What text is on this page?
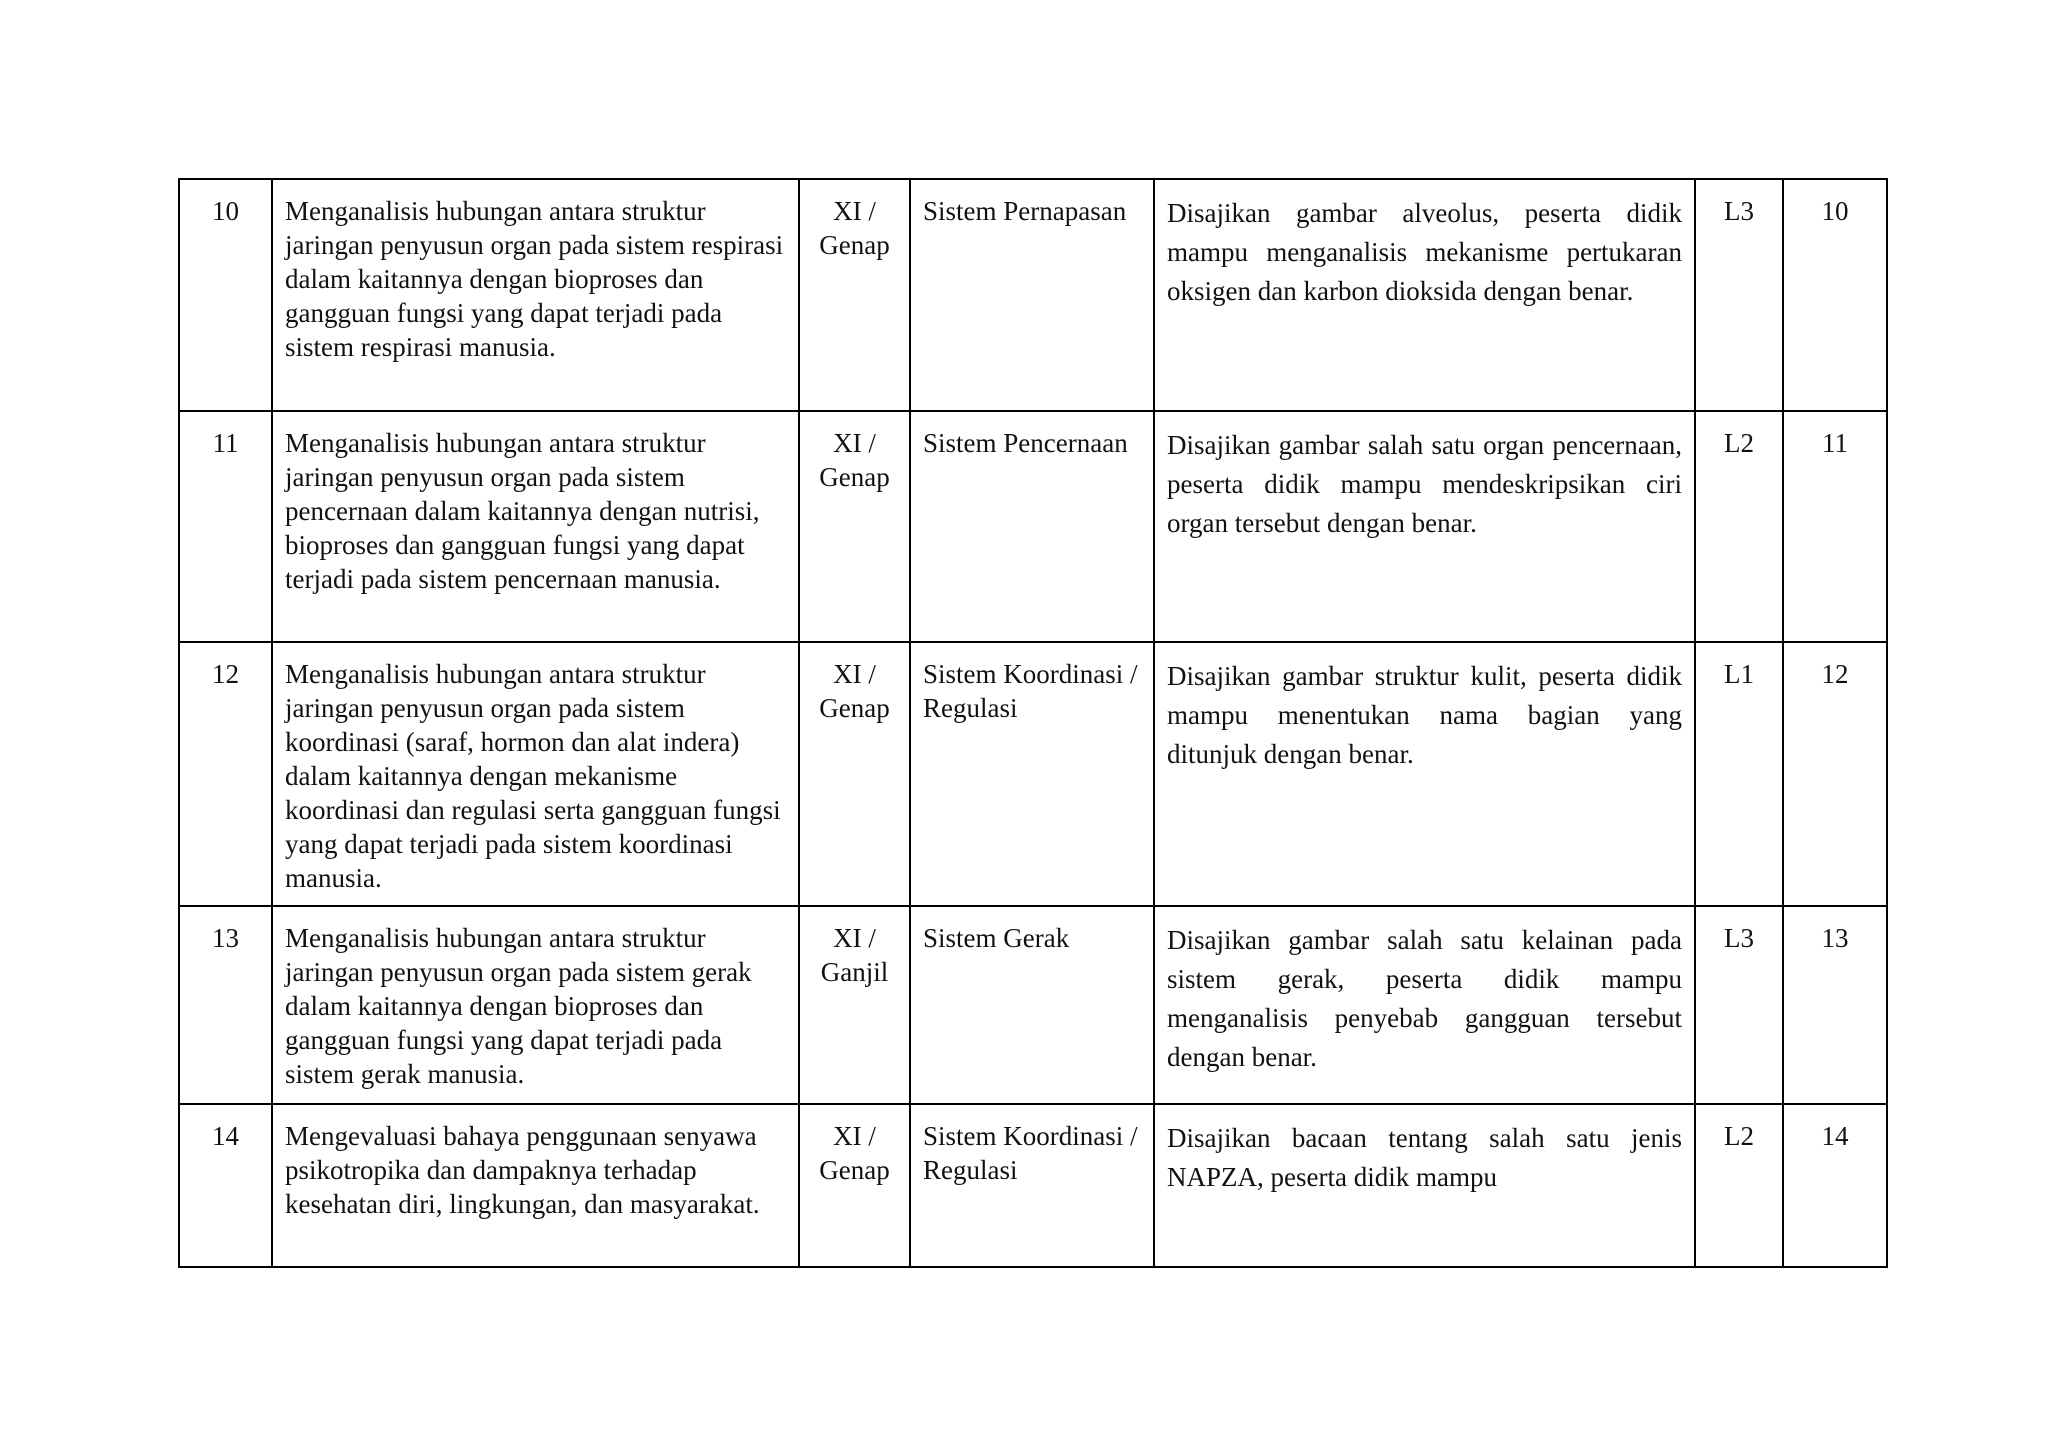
10	Menganalisis hubungan antara struktur jaringan penyusun organ pada sistem respirasi dalam kaitannya dengan bioproses dan gangguan fungsi yang dapat terjadi pada sistem respirasi manusia.	XI / Genap	Sistem Pernapasan	Disajikan gambar alveolus, peserta didik mampu menganalisis mekanisme pertukaran oksigen dan karbon dioksida dengan benar.	L3	10
11	Menganalisis hubungan antara struktur jaringan penyusun organ pada sistem pencernaan dalam kaitannya dengan nutrisi, bioproses dan gangguan fungsi yang dapat terjadi pada sistem pencernaan manusia.	XI / Genap	Sistem Pencernaan	Disajikan gambar salah satu organ pencernaan, peserta didik mampu mendeskripsikan ciri organ tersebut dengan benar.	L2	11
12	Menganalisis hubungan antara struktur jaringan penyusun organ pada sistem koordinasi (saraf, hormon dan alat indera) dalam kaitannya dengan mekanisme koordinasi dan regulasi serta gangguan fungsi yang dapat terjadi pada sistem koordinasi manusia.	XI / Genap	Sistem Koordinasi / Regulasi	Disajikan gambar struktur kulit, peserta didik mampu menentukan nama bagian yang ditunjuk dengan benar.	L1	12
13	Menganalisis hubungan antara struktur jaringan penyusun organ pada sistem gerak dalam kaitannya dengan bioproses dan gangguan fungsi yang dapat terjadi pada sistem gerak manusia.	XI / Ganjil	Sistem Gerak	Disajikan gambar salah satu kelainan pada sistem gerak, peserta didik mampu menganalisis penyebab gangguan tersebut dengan benar.	L3	13
14	Mengevaluasi bahaya penggunaan senyawa psikotropika dan dampaknya terhadap kesehatan diri, lingkungan, dan masyarakat.	XI / Genap	Sistem Koordinasi / Regulasi	Disajikan bacaan tentang salah satu jenis NAPZA, peserta didik mampu	L2	14
